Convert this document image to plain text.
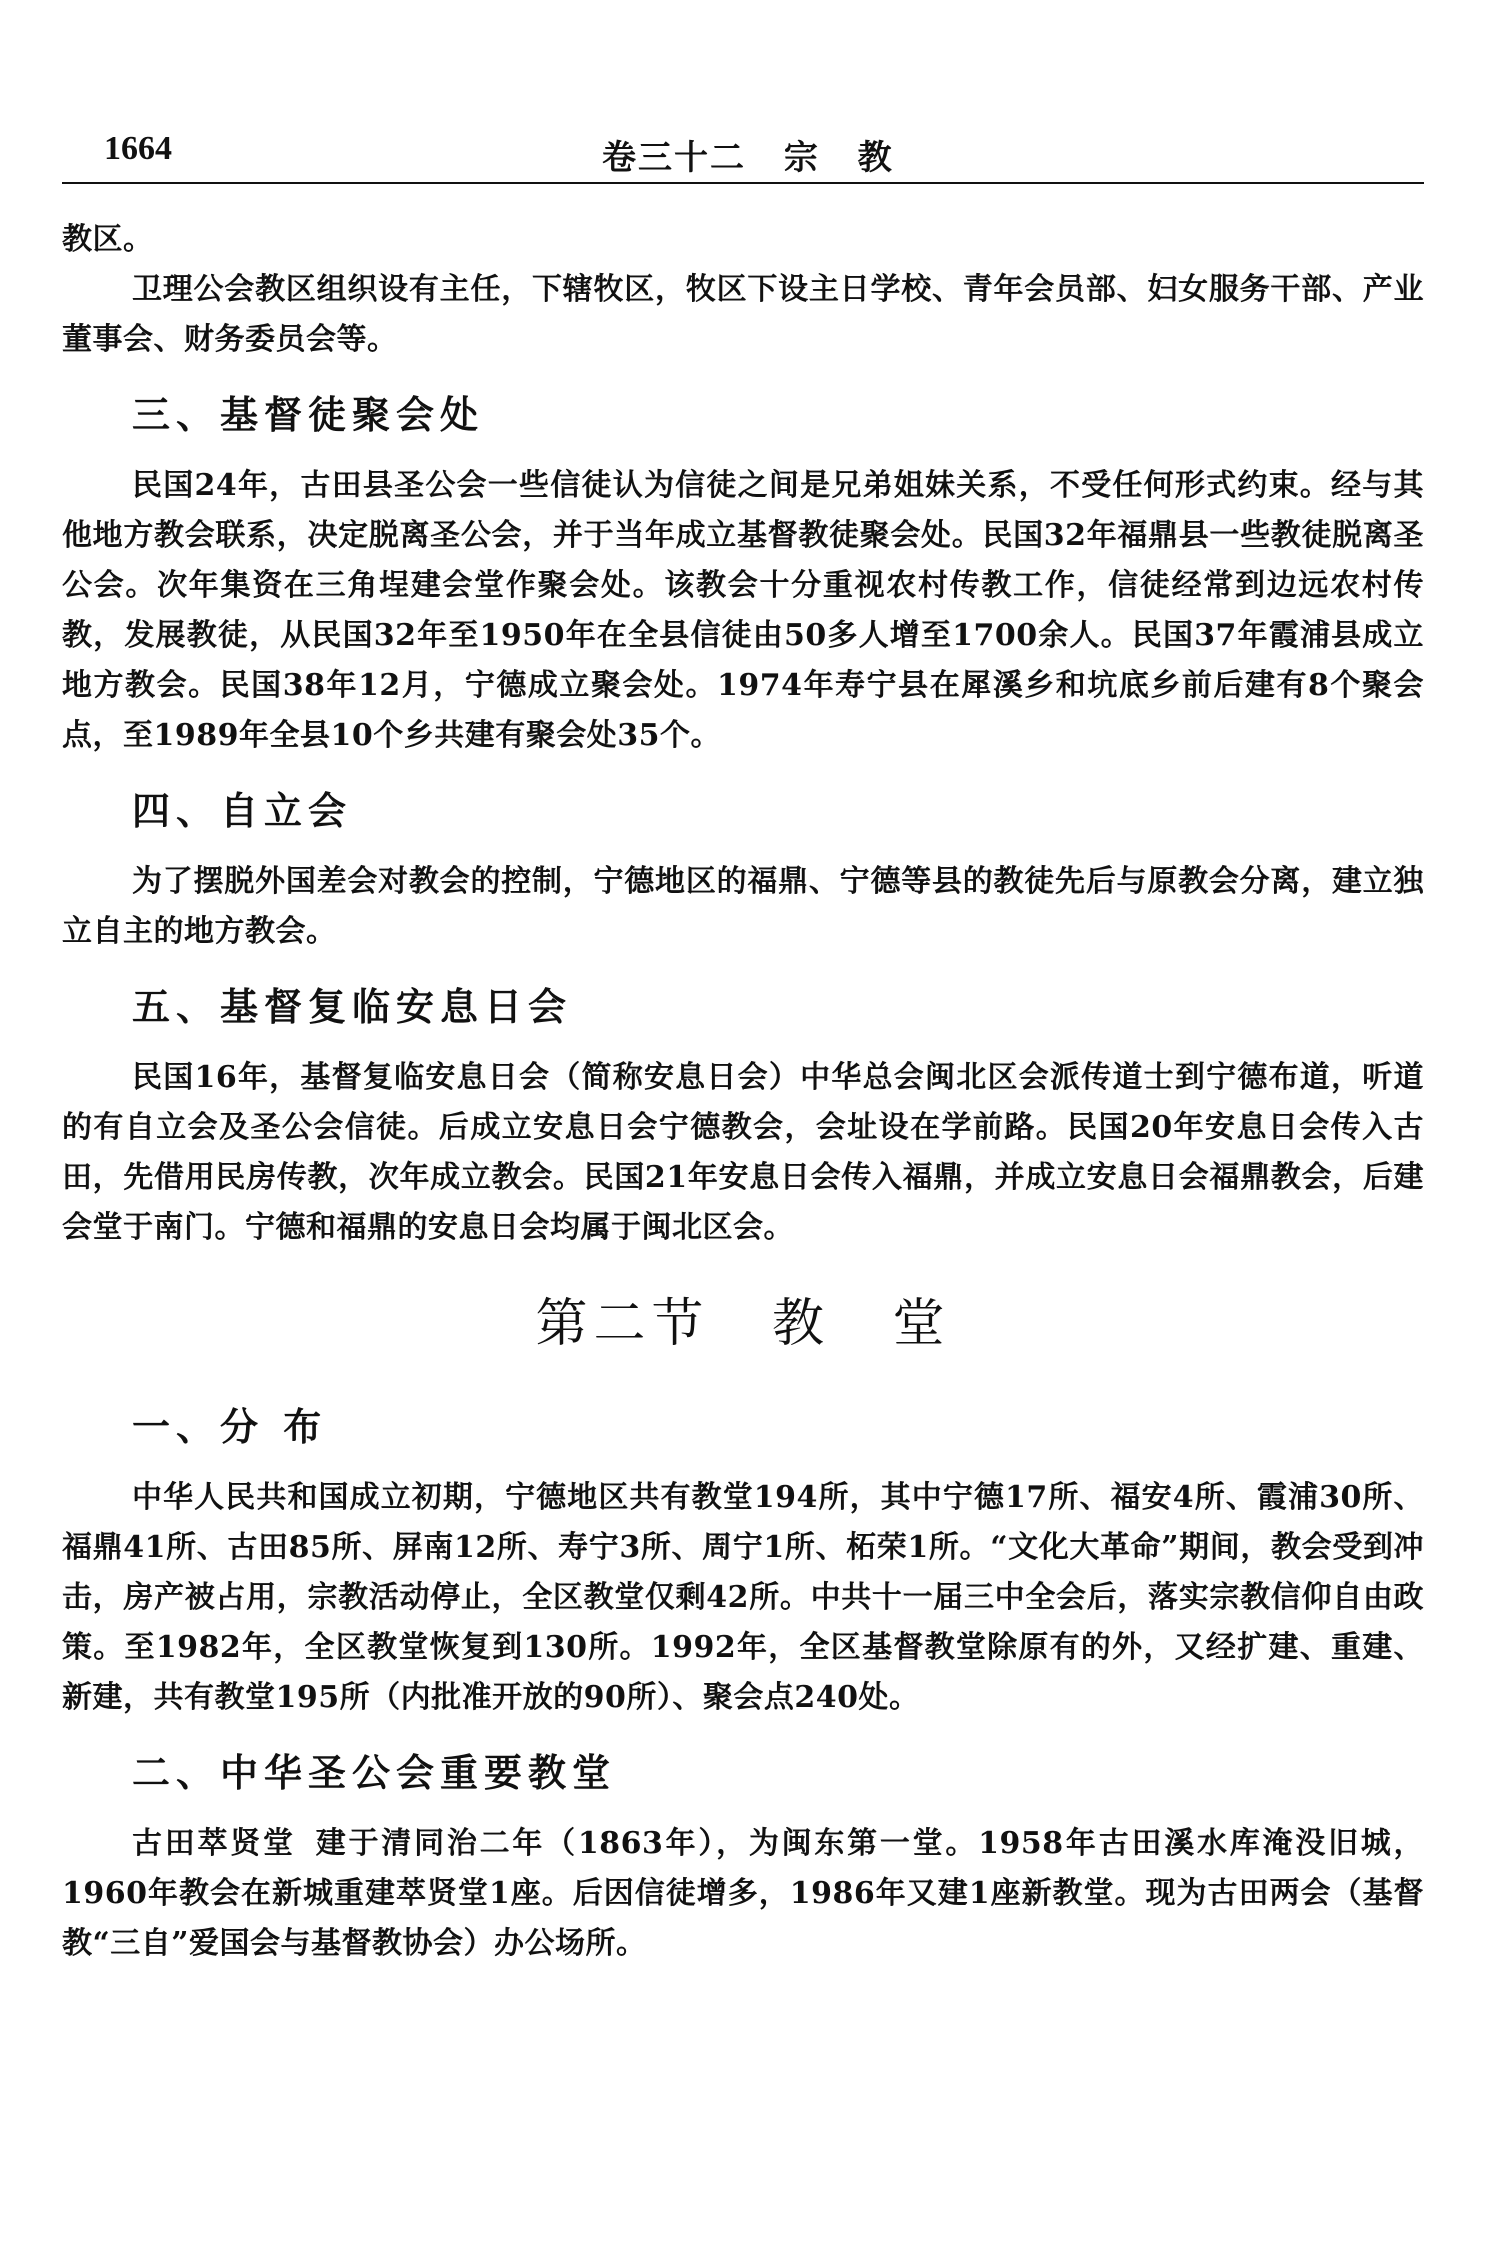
1664	卷三十二 宗 教

教区。

卫理公会教区组织设有主任，下辖牧区，牧区下设主日学校、青年会员部、妇女服务干部、产业董事会、财务委员会等。

三、基督徒聚会处

民国24年，古田县圣公会一些信徒认为信徒之间是兄弟姐妹关系，不受任何形式约束。经与其他地方教会联系，决定脱离圣公会，并于当年成立基督教徒聚会处。民国32年福鼎县一些教徒脱离圣公会。次年集资在三角埕建会堂作聚会处。该教会十分重视农村传教工作，信徒经常到边远农村传教，发展教徒，从民国32年至1950年在全县信徒由50多人增至1700余人。民国37年霞浦县成立地方教会。民国38年12月，宁德成立聚会处。1974年寿宁县在犀溪乡和坑底乡前后建有8个聚会点，至1989年全县10个乡共建有聚会处35个。

四、自立会

为了摆脱外国差会对教会的控制，宁德地区的福鼎、宁德等县的教徒先后与原教会分离，建立独立自主的地方教会。

五、基督复临安息日会

民国16年，基督复临安息日会（简称安息日会）中华总会闽北区会派传道士到宁德布道，听道的有自立会及圣公会信徒。后成立安息日会宁德教会，会址设在学前路。民国20年安息日会传入古田，先借用民房传教，次年成立教会。民国21年安息日会传入福鼎，并成立安息日会福鼎教会，后建会堂于南门。宁德和福鼎的安息日会均属于闽北区会。

第二节 教 堂
一、分 布

中华人民共和国成立初期，宁德地区共有教堂194所，其中宁德17所、福安4所、霞浦30所、福鼎41所、古田85所、屏南12所、寿宁3所、周宁1所、柘荣1所。“文化大革命”期间，教会受到冲击，房产被占用，宗教活动停止，全区教堂仅剩42所。中共十一届三中全会后，落实宗教信仰自由政策。至1982年，全区教堂恢复到130所。1992年，全区基督教堂除原有的外，又经扩建、重建、新建，共有教堂195所（内批准开放的90所）、聚会点240处。

二、中华圣公会重要教堂

古田萃贤堂 建于清同治二年（1863年），为闽东第一堂。1958年古田溪水库淹没旧城，1960年教会在新城重建萃贤堂1座。后因信徒增多，1986年又建1座新教堂。现为古田两会（基督教“三自”爱国会与基督教协会）办公场所。
